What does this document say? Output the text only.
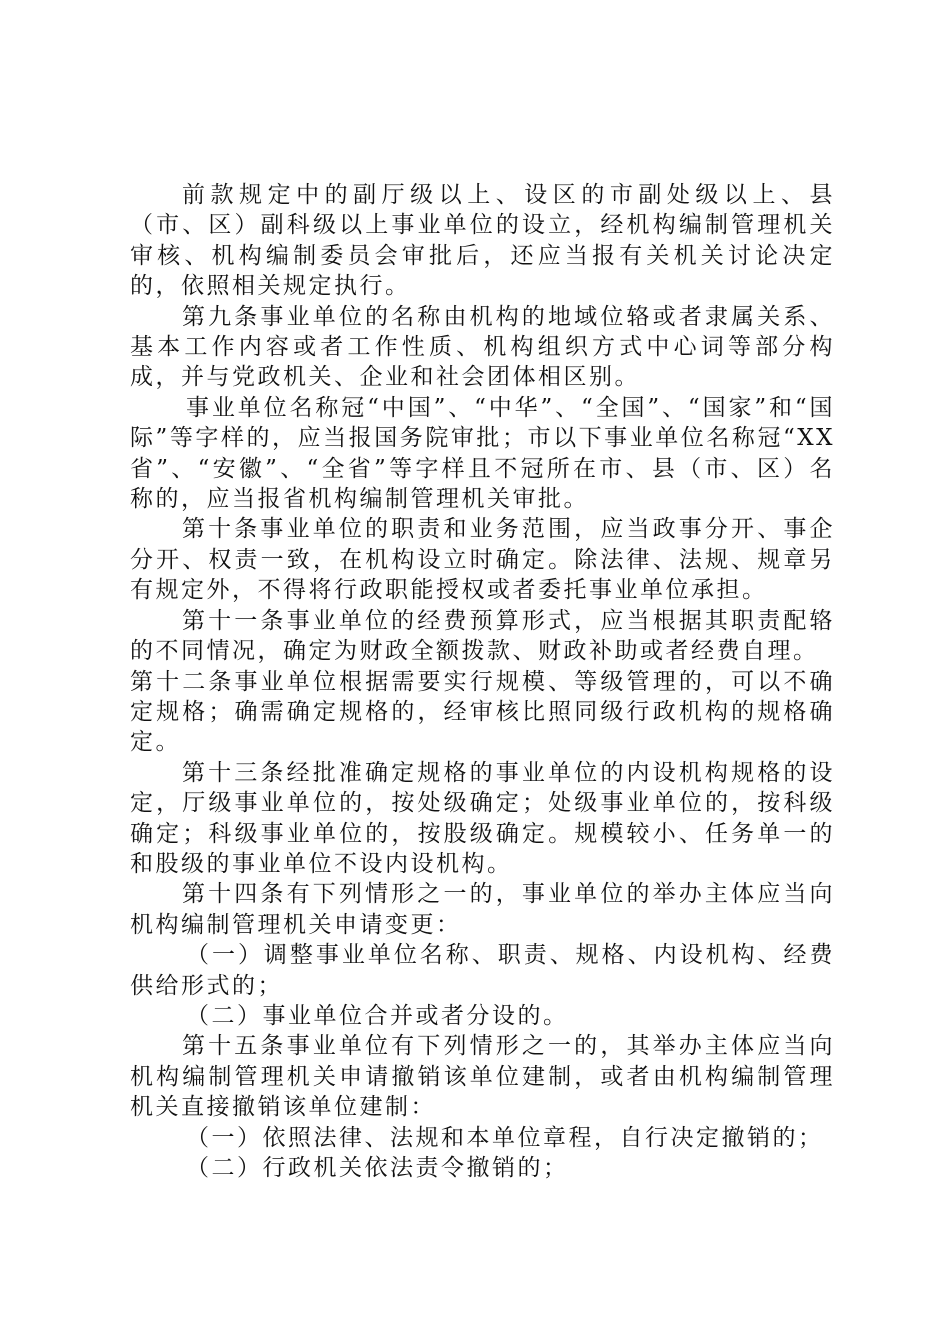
前款规定中的副厅级以上、设区的市副处级以上、县（市、区）副科级以上事业单位的设立，经机构编制管理机关审核、机构编制委员会审批后，还应当报有关机关讨论决定的，依照相关规定执行。

第九条事业单位的名称由机构的地域位辂或者隶属关系、基本工作内容或者工作性质、机构组织方式中心词等部分构成，并与党政机关、企业和社会团体相区别。

事业单位名称冠“中国”、“中华”、“全国”、“国家”和“国际”等字样的，应当报国务院审批；市以下事业单位名称冠“XX省”、“安徽”、“全省”等字样且不冠所在市、县（市、区）名称的，应当报省机构编制管理机关审批。

第十条事业单位的职责和业务范围，应当政事分开、事企分开、权责一致，在机构设立时确定。除法律、法规、规章另有规定外，不得将行政职能授权或者委托事业单位承担。

第十一条事业单位的经费预算形式，应当根据其职责配辂的不同情况，确定为财政全额拨款、财政补助或者经费自理。

第十二条事业单位根据需要实行规模、等级管理的，可以不确定规格；确需确定规格的，经审核比照同级行政机构的规格确定。

第十三条经批准确定规格的事业单位的内设机构规格的设定，厅级事业单位的，按处级确定；处级事业单位的，按科级确定；科级事业单位的，按股级确定。规模较小、任务单一的和股级的事业单位不设内设机构。

第十四条有下列情形之一的，事业单位的举办主体应当向机构编制管理机关申请变更：

（一）调整事业单位名称、职责、规格、内设机构、经费供给形式的；

（二）事业单位合并或者分设的。

第十五条事业单位有下列情形之一的，其举办主体应当向机构编制管理机关申请撤销该单位建制，或者由机构编制管理机关直接撤销该单位建制：

（一）依照法律、法规和本单位章程，自行决定撤销的；

（二）行政机关依法责令撤销的；
